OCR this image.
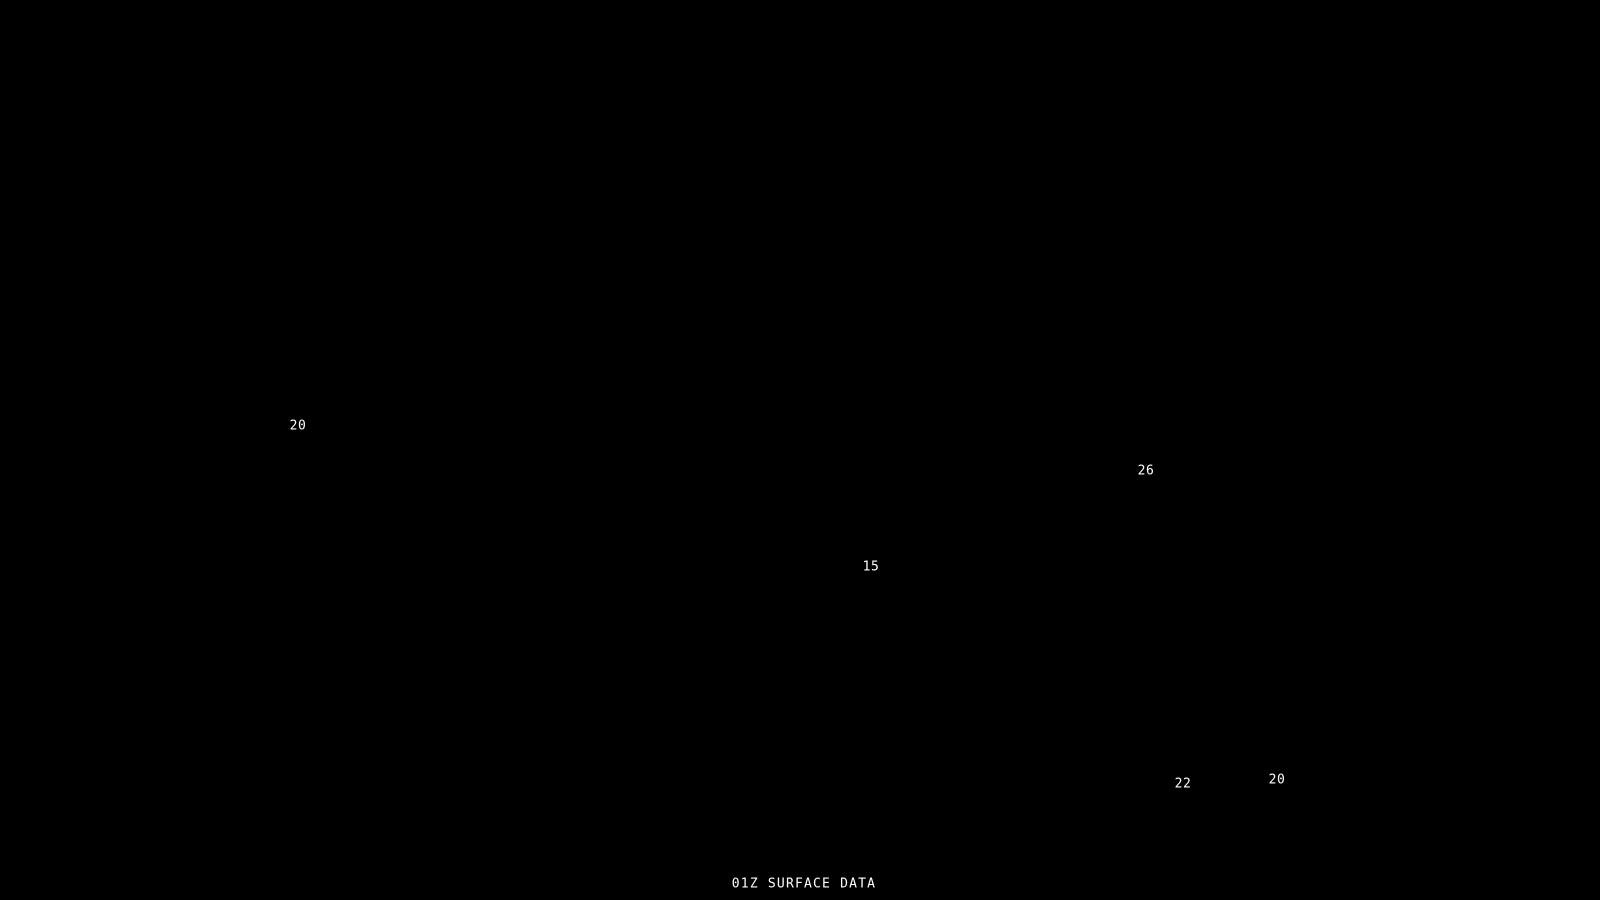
20
26
15
22	20
01Z SURFACE DATA
